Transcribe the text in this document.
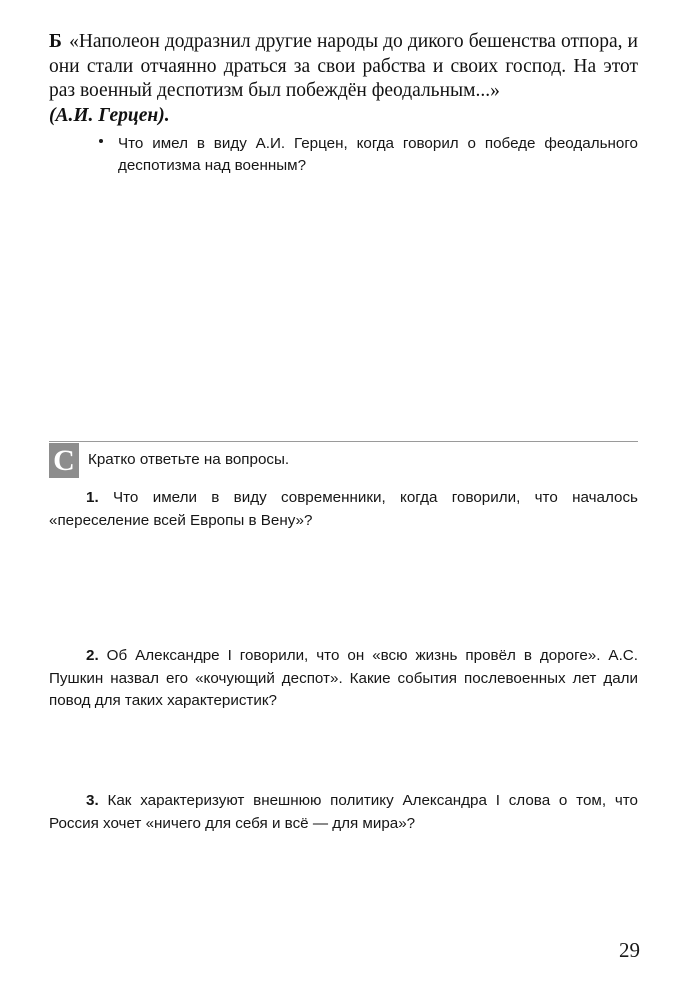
Б «Наполеон додразнил другие народы до дикого бешенства отпора, и они стали отчаянно драться за свои рабства и своих господ. На этот раз военный деспотизм был побеждён феодальным...»
(А.И. Герцен).
Что имел в виду А.И. Герцен, когда говорил о победе феодального деспотизма над военным?
С Кратко ответьте на вопросы.
1. Что имели в виду современники, когда говорили, что началось «переселение всей Европы в Вену»?
2. Об Александре I говорили, что он «всю жизнь провёл в дороге». А.С. Пушкин назвал его «кочующий деспот». Какие события послевоенных лет дали повод для таких характеристик?
3. Как характеризуют внешнюю политику Александра I слова о том, что Россия хочет «ничего для себя и всё — для мира»?
29
